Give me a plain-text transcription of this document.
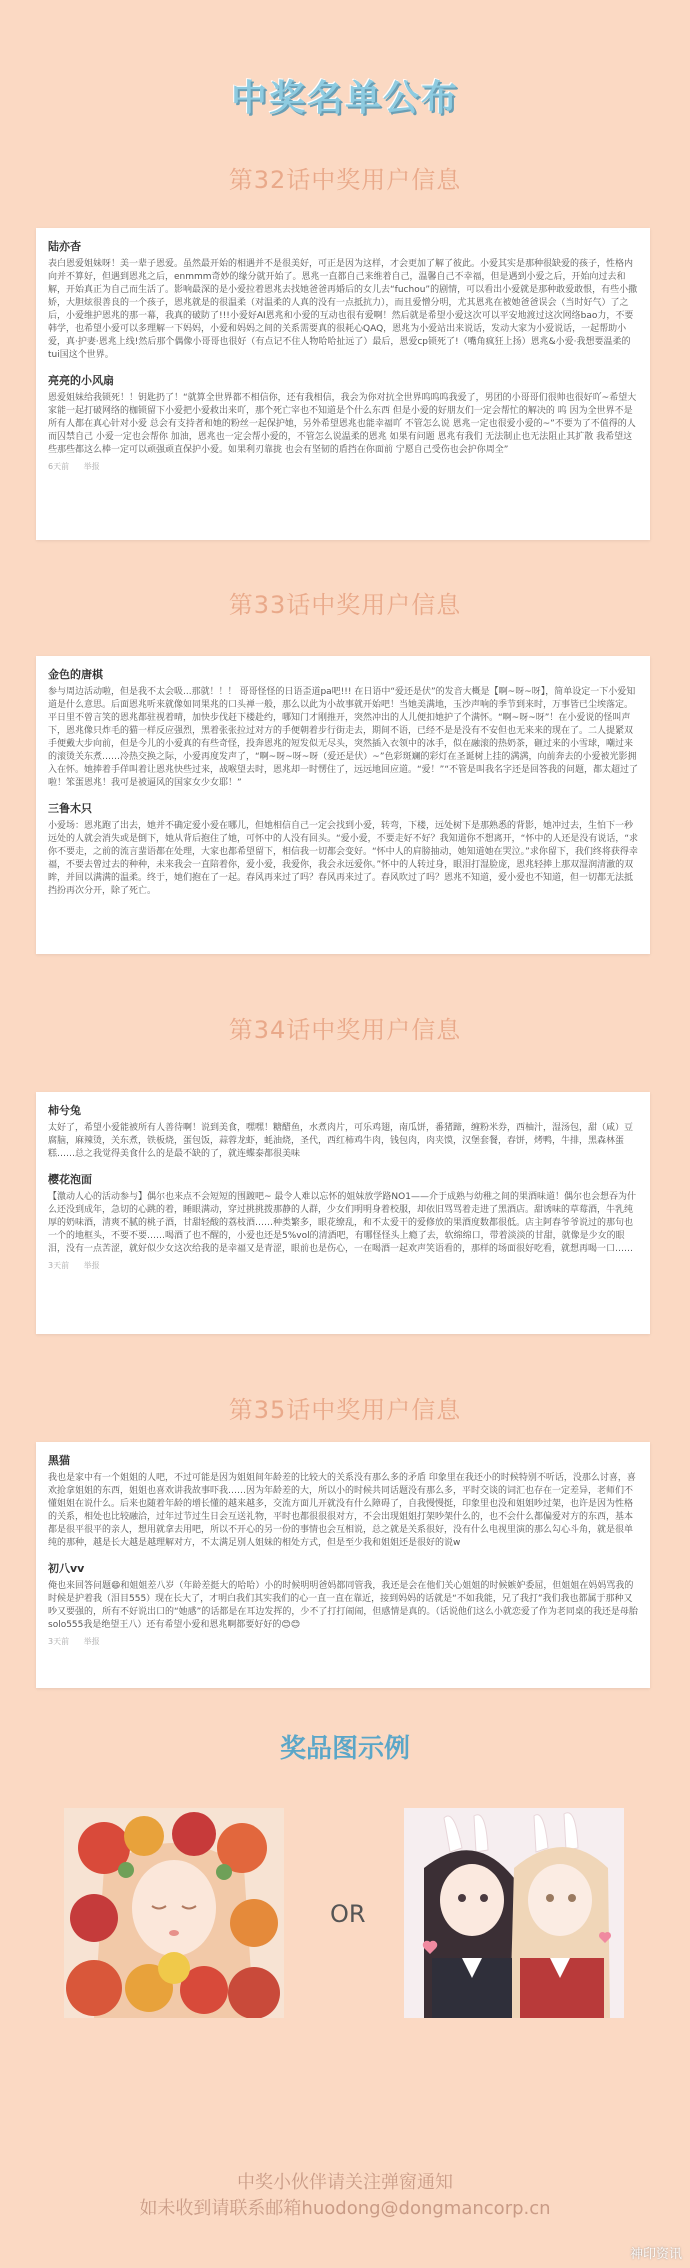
中奖名单公布
第32话中奖用户信息
陆亦杳
表白恩爱姐妹呀！美一辈子恩爱。虽然最开始的相遇并不是很美好，可正是因为这样，才会更加了解了彼此。小爱其实是那种很缺爱的孩子，性格内向并不算好，但遇到恩兆之后，enmmm奇妙的缘分就开始了。恩兆一直都自己来维着自己，温馨自己不幸福，但是遇到小爱之后，开始向过去和解，开始真正为自己而生活了。影响最深的是小爱拉着恩兆去找她爸爸再婚后的女儿去“fuchou”的剧情，可以看出小爱就是那种敢爱敢恨，有些小撒娇，大胆炫很善良的一个孩子，恩兆就是的很温柔（对温柔的人真的没有一点抵抗力），而且爱憎分明，尤其恩兆在被她爸爸误会（当时好气）了之后，小爱维护恩兆的那一幕，我真的破防了!!!小爱好AI恩兆和小爱的互动也很有爱啊！然后就是希望小爱这次可以平安地渡过这次网络bao力，不要韩学，也希望小爱可以多理解一下妈妈，小爱和妈妈之间的关系需要真的很耗心QAQ，恩兆为小爱站出来说话，发动大家为小爱说话，一起帮助小爱，真·护妻·恩兆上线!然后那个偶像小哥哥也很好（有点记不住人物哈哈扯远了）最后，恩爱cp锁死了!（嘴角疯狂上扬）恩兆&小爱·我想要温柔的tui国这个世界。
亮亮的小风扇
恩爱姐妹给我锁死！！钥匙扔了！“就算全世界都不相信你，还有我相信，我会为你对抗全世界呜呜呜我爱了，男团的小哥哥们很帅也很好吖~希望大家能一起打破网络的枷锁留下小爱把小爱救出来吖，那个死亡宰也不知道是个什么东西 但是小爱的好朋友们一定会帮忙的解决的 呜 因为全世界不是所有人都在真心针对小爱 总会有支持者和她的粉丝一起保护她，另外希望恩兆也能幸福吖 不管怎么说 恩兆一定也很爱小爱的~”不要为了不值得的人而囚禁自己 小爱一定也会帮你 加油，恩兆也一定会帮小爱的，不管怎么说温柔的恩兆 如果有问题 恩兆有我们 无法制止也无法阻止其扩散 我希望这些那些都这么棒一定可以顽强顽直保护小爱。如果利刃靠拢 也会有坚韧的盾挡在你面前 宁愿自己受伤也会护你周全”
6天前 举报
第33话中奖用户信息
金色的唐棋
参与周边活动啦，但是我不太会吸...那就！！！ 哥哥怪怪的日语歪道pa吧!!! 在日语中“爱还是伏”的发音大概是【啊~呀~呀】，简单设定一下小爱知道是什么意思。后面恩兆听来就像如同果兆的口头禅一般，那么以此为小故事就开始吧！当她美满地，玉沙声响的季节到来时，万事皆已尘埃落定。平日里不曾言笑的恩兆都驻视着晴，加快步伐赶下楼赴约，哪知门才刚推开，突然冲出的人儿便扣她护了个满怀。“啊~呀~呀”！在小爱说的怪叫声下，恩兆像只炸毛的猫一样反应强烈，黑着张张拉过对方的手便朝着步行街走去，期间不语，已经不是是没有不安但也无来来的现在了。二人提紧双手便戴大步向前，但是今儿的小爱真的有些奇怪，投奔恩兆的短发似无尽头，突然插入衣领中的冰手，似在融滚的热奶茶，砸过来的小雪球，嘲过来的滚烫关东煮……冷热交换之际，小爱再度发声了，“啊~呀~呀~呀（爱还是伏）~”色彩斑斓的彩灯在圣诞树上挂的满满，向前奔去的小爱被光影拥入在怀。她捧着手佯叫着让恩兆快些过来，战喉望去时，恩兆却一时愣住了，远远地回应道。“爱！”“不管是叫我名字还是回答我的问题，都太超过了啦！笨蛋恩兆！我可是被逼风的国家女少女耶！”
三鲁木只
小爱场：恩兆跑了出去，她并不确定爱小爱在哪儿，但她相信自己一定会找到小爱，转弯，下楼，远处树下是那熟悉的背影，她冲过去，生怕下一秒远处的人就会消失或是倒下，她从背后抱住了她，可怀中的人没有回头。“爱小爱，不要走好不好？我知道你不想离开，“怀中的人还是没有说话，“求你不要走，之前的流言蜚语都在处理，大家也都希望留下，相信我一切都会变好。“怀中人的肩膀抽动，她知道她在哭泣。”求你留下，我们终将获得幸福，不要去曾过去的种种，未来我会一直陪着你，爱小爱，我爱你，我会永远爱你。”怀中的人转过身，眼泪打湿脸庞，恩兆轻捧上那双湿润清澈的双眸，并回以满满的温柔。终于，她们抱在了一起。春风再来过了吗？春风再来过了。春风吹过了吗？恩兆不知道，爱小爱也不知道，但一切都无法抵挡扮再次分开，除了死亡。
第34话中奖用户信息
柿兮兔
太好了，希望小爱能被所有人善待啊！说到美食，嘿嘿！糖醋鱼，水煮肉片，可乐鸡翅，南瓜饼，番猪蹄，缠粉米券，西柚汁，湿汤包，甜（咸）豆腐脑，麻辣烫，关东煮，铁板烧，蛋包饭，蒜蓉龙虾，蚝油烧，圣代，西红柿鸡牛肉，钱包肉，肉夹馍，汉堡套餐，春饼，烤鸭，牛排，黑森林蛋糕……总之我觉得美食什么的是最不缺的了，就连蝶泰都很美味
樱花泡面
【激动人心的活动参与】偶尔也来点不会短短的围踱吧~ 最令人难以忘怀的姐妹放学路NO1——介于成熟与幼稚之间的果酒味道！偶尔也会想吞为什么还没到成年，急切的心跳的着，睡眼满动，穿过挑挑拨那静的人群，少女们明明身着校服，却依旧骂骂着走进了黑酒店。甜诱味的草莓酒，牛乳纯厚的奶味酒，清爽不腻的桃子酒，甘甜轻酸的荔枝酒……种类繁多，眼花缭乱，和不太爱干的爱修放的果酒度数都很低。店主阿春爷爷说过的那句也一个的地框头，不要不要……喝酒了也不醒的，小爱也还是5%vol的清酒吧，有哪怪怪头上瘾了去，软绵绵口，带着淡淡的甘甜，就像是少女的眼泪，没有一点苦涩，就好似少女这次给我的是幸福又是青涩，眼前也是伤心，一在喝酒一起欢声笑语看的，那样的场面很好吃看，就想再喝一口……
3天前 举报
第35话中奖用户信息
黑猫
我也是家中有一个姐姐的人吧，不过可能是因为姐姐间年龄差的比较大的关系没有那么多的矛盾 印象里在我还小的时候特别不听话，没那么讨喜，喜欢抢拿姐姐的东西，姐姐也喜欢讲我故事吓我……因为年龄差的大，所以小的时候共同话题没有那么多，平时交谈的词汇也存在一定差异，老师们不懂姐姐在说什么。后来也随着年龄的增长懂的越来越多，交流方面儿开就没有什么障碍了，自我慢慢挺，印象里也没和姐姐吵过架，也许是因为性格的关系，相处也比较融洽，过年过节过生日会互送礼物，平时也都很很很对方，不会出现姐姐打架吵架什么的，也不会什么都偏爱对方的东西，基本都是很平很平的亲人，想用就拿去用吧，所以不开心的另一份的事情也会互相说，总之就是关系很好，没有什么电视里演的那么勾心斗角，就是很单纯的那种，越是长大越是越理解对方，不太满足别人姐妹的相处方式，但是至少我和姐姐还是很好的说w
初八vv
俺也来回答问题😄和姐姐差八岁（年龄差挺大的哈哈）小的时候明明爸妈都同管我，我还是会在他们关心姐姐的时候嫉妒委屈，但姐姐在妈妈骂我的时候是护着我（泪目555）现在长大了，才明白我们其实我们的心一直一直在靠近，接到妈妈的话就是“不如我能，兄了我打”我们我也都属于那种又吵又要强的，所有不好说出口的“她感”的话都是在耳边发挥的，少不了打打闹闹，但感情是真的。（话说他们这么小就恋爱了作为老同桌的我还是母胎solo555我是绝望王八）还有希望小爱和恩兆啊都要好好的😊😊
3天前 举报
奖品图示例
OR
中奖小伙伴请关注弹窗通知
如未收到请联系邮箱huodong@dongmancorp.cn
神印资讯
